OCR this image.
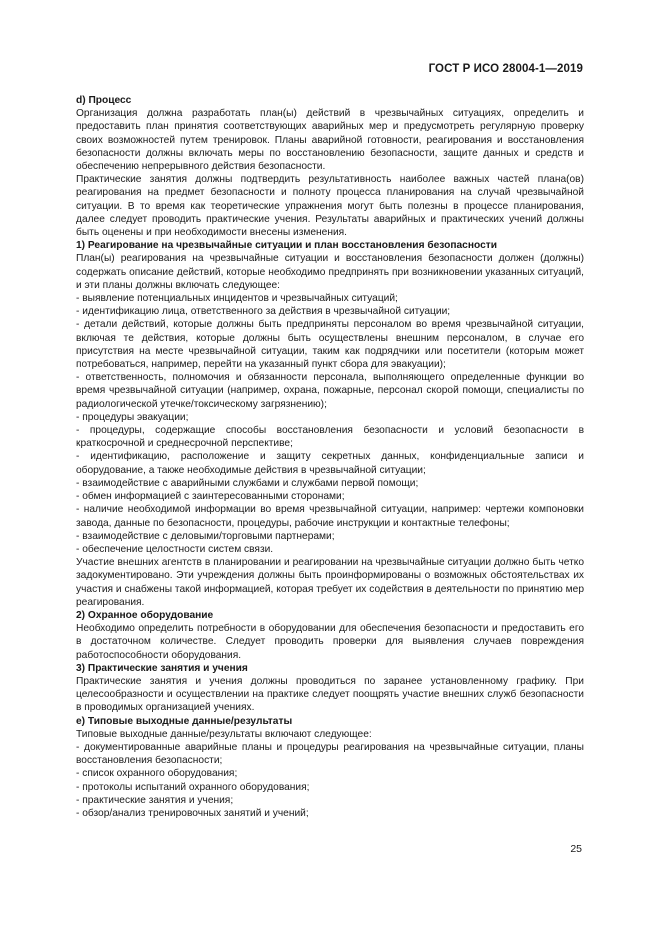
ГОСТ Р ИСО 28004-1—2019

d) Процесс

Организация должна разработать план(ы) действий в чрезвычайных ситуациях, определить и предоставить план принятия соответствующих аварийных мер и предусмотреть регулярную проверку своих возможностей путем тренировок. Планы аварийной готовности, реагирования и восстановления безопасности должны включать меры по восстановлению безопасности, защите данных и средств и обеспечению непрерывного действия безопасности.

Практические занятия должны подтвердить результативность наиболее важных частей плана(ов) реагирования на предмет безопасности и полноту процесса планирования на случай чрезвычайной ситуации. В то время как теоретические упражнения могут быть полезны в процессе планирования, далее следует проводить практические учения. Результаты аварийных и практических учений должны быть оценены и при необходимости внесены изменения.

1) Реагирование на чрезвычайные ситуации и план восстановления безопасности

План(ы) реагирования на чрезвычайные ситуации и восстановления безопасности должен (должны) содержать описание действий, которые необходимо предпринять при возникновении указанных ситуаций, и эти планы должны включать следующее:

- выявление потенциальных инцидентов и чрезвычайных ситуаций;

- идентификацию лица, ответственного за действия в чрезвычайной ситуации;

- детали действий, которые должны быть предприняты персоналом во время чрезвычайной ситуации, включая те действия, которые должны быть осуществлены внешним персоналом, в случае его присутствия на месте чрезвычайной ситуации, таким как подрядчики или посетители (которым может потребоваться, например, перейти на указанный пункт сбора для эвакуации);

- ответственность, полномочия и обязанности персонала, выполняющего определенные функции во время чрезвычайной ситуации (например, охрана, пожарные, персонал скорой помощи, специалисты по радиологической утечке/токсическому загрязнению);

- процедуры эвакуации;

- процедуры, содержащие способы восстановления безопасности и условий безопасности в краткосрочной и среднесрочной перспективе;

- идентификацию, расположение и защиту секретных данных, конфиденциальные записи и оборудование, а также необходимые действия в чрезвычайной ситуации;

- взаимодействие с аварийными службами и службами первой помощи;

- обмен информацией с заинтересованными сторонами;

- наличие необходимой информации во время чрезвычайной ситуации, например: чертежи компоновки завода, данные по безопасности, процедуры, рабочие инструкции и контактные телефоны;

- взаимодействие с деловыми/торговыми партнерами;

- обеспечение целостности систем связи.

Участие внешних агентств в планировании и реагировании на чрезвычайные ситуации должно быть четко задокументировано. Эти учреждения должны быть проинформированы о возможных обстоятельствах их участия и снабжены такой информацией, которая требует их содействия в деятельности по принятию мер реагирования.

2) Охранное оборудование

Необходимо определить потребности в оборудовании для обеспечения безопасности и предоставить его в достаточном количестве. Следует проводить проверки для выявления случаев повреждения работоспособности оборудования.

3) Практические занятия и учения

Практические занятия и учения должны проводиться по заранее установленному графику. При целесообразности и осуществлении на практике следует поощрять участие внешних служб безопасности в проводимых организацией учениях.

e) Типовые выходные данные/результаты

Типовые выходные данные/результаты включают следующее:

- документированные аварийные планы и процедуры реагирования на чрезвычайные ситуации, планы восстановления безопасности;

- список охранного оборудования;

- протоколы испытаний охранного оборудования;

- практические занятия и учения;

- обзор/анализ тренировочных занятий и учений;

25
